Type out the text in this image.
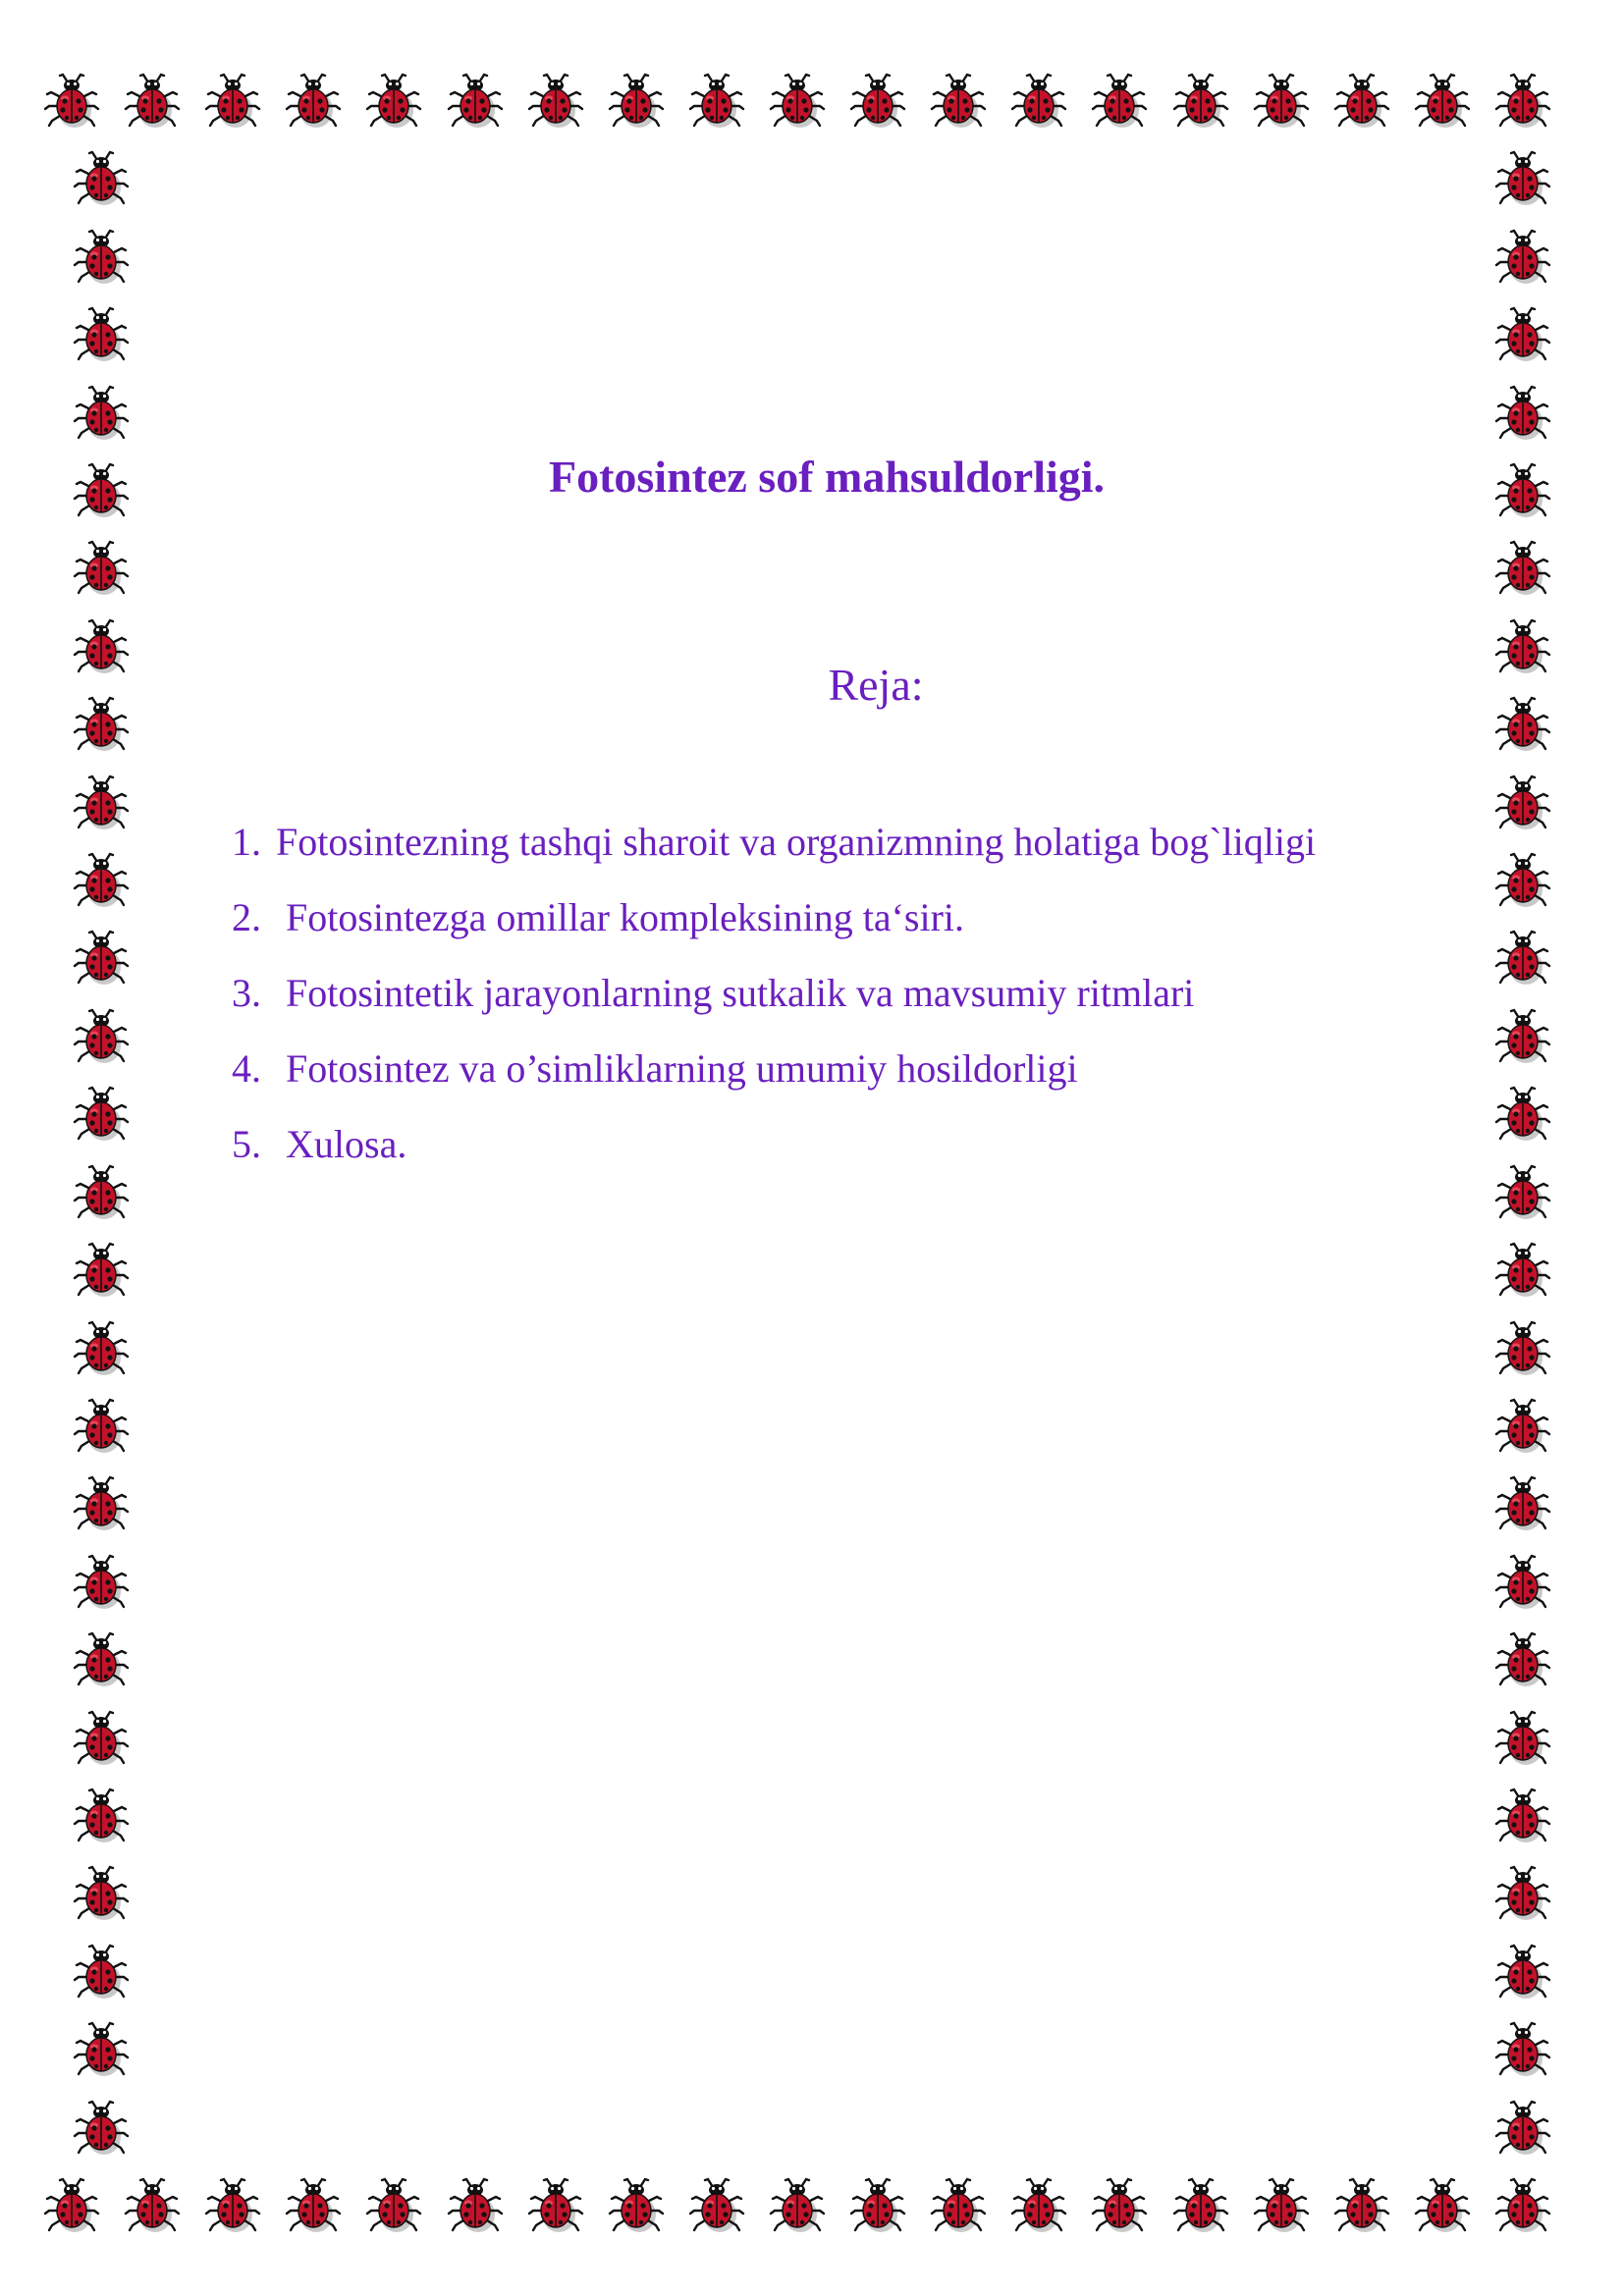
Fotosintez sof mahsuldorligi.
Reja:
1. Fotosintezning tashqi sharoit va organizmning holatiga bog`liqligi
2. Fotosintezga omillar kompleksining ta‘siri.
3. Fotosintetik jarayonlarning sutkalik va mavsumiy ritmlari
4. Fotosintez va o’simliklarning umumiy hosildorligi
5. Xulosa.
